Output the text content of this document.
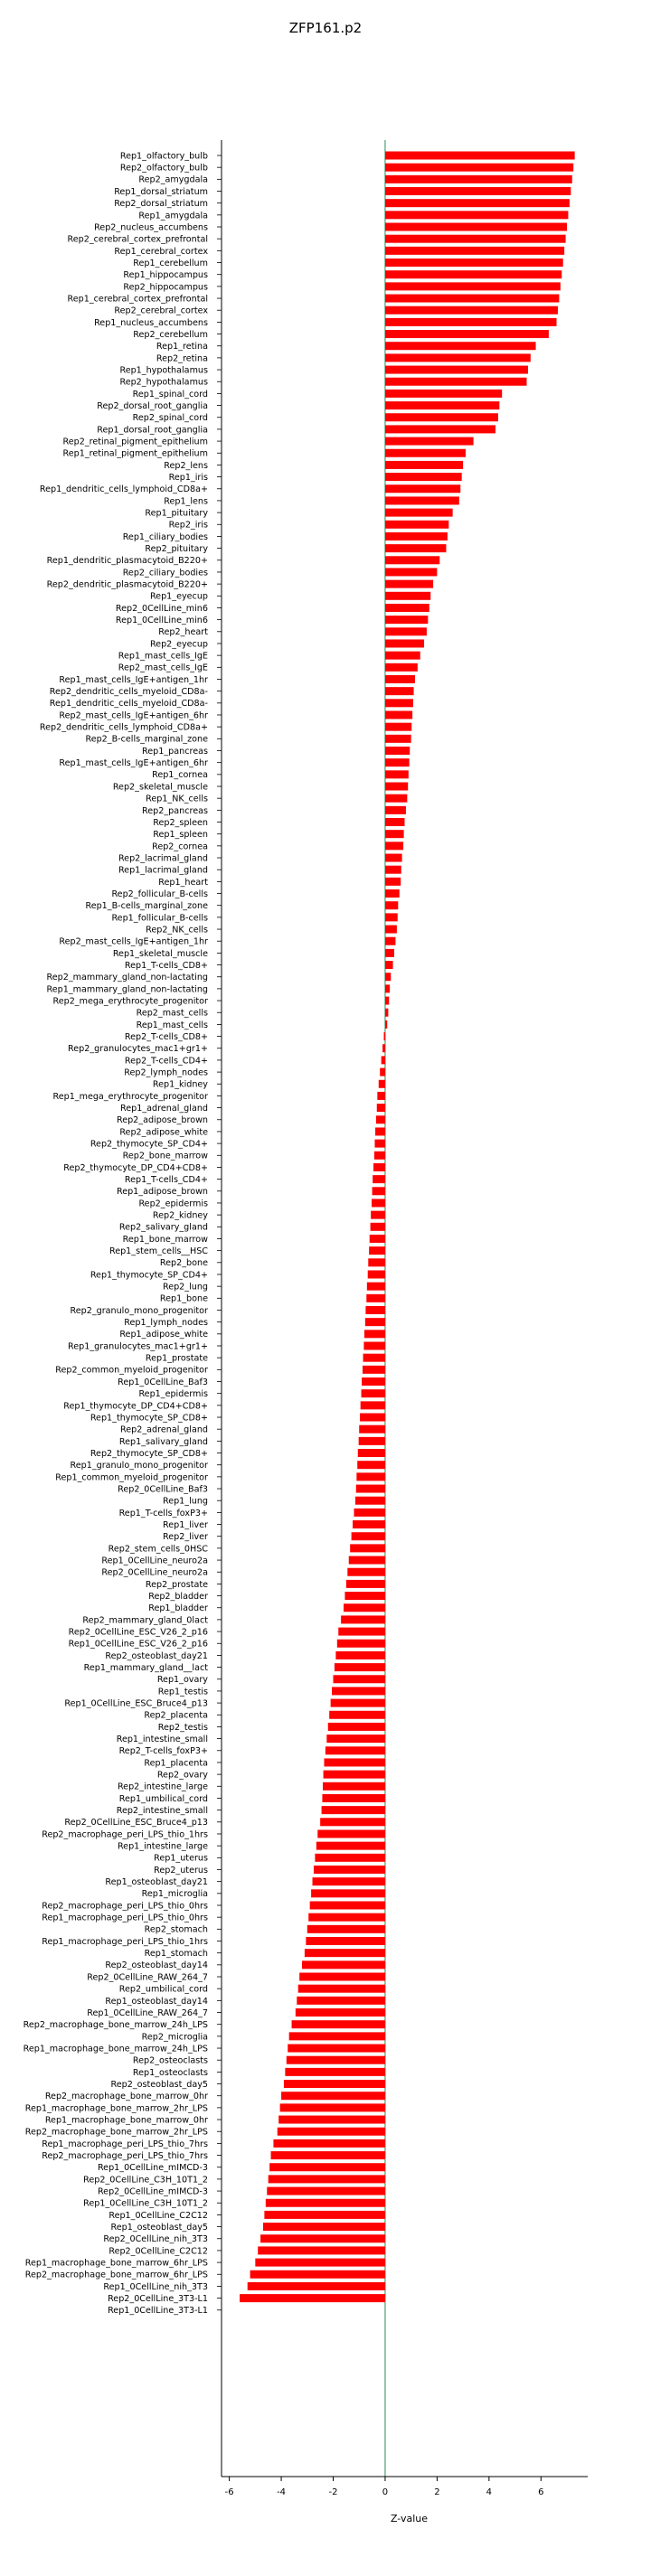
ZFP161.p2
Rep1_olfactory_bulb
Rep2_olfactory_bulb
Rep2_amygdala
Rep1_dorsal_striatum
Rep2_dorsal_striatum
Rep1_amygdala
Rep2_nucleus_accumbens
Rep2_cerebral_cortex_prefrontal
Rep1_cerebral_cortex
Rep1_cerebellum
Rep1_hippocampus
Rep2_hippocampus
Rep1_cerebral_cortex_prefrontal
Rep2_cerebral_cortex
Rep1_nucleus_accumbens
Rep2_cerebellum
Rep1_retina
Rep2_retina
Rep1_hypothalamus
Rep2_hypothalamus
Rep1_spinal_cord
Rep2_dorsal_root_ganglia
Rep2_spinal_cord
Rep1_dorsal_root_ganglia
Rep2_retinal_pigment_epithelium
Rep1_retinal_pigment_epithelium
Rep2_lens
Rep1_iris
Rep1_dendritic_cells_lymphoid_CD8a+
Rep1_lens
Rep1_pituitary
Rep2_iris
Rep1_ciliary_bodies
Rep2_pituitary
Rep1_dendritic_plasmacytoid_B220+
Rep2_ciliary_bodies
Rep2_dendritic_plasmacytoid_B220+
Rep1_eyecup
Rep2_0CellLine_min6
Rep1_0CellLine_min6
Rep2_heart
Rep2_eyecup
Rep1_mast_cells_IgE
Rep2_mast_cells_IgE
Rep1_mast_cells_IgE+antigen_1hr
Rep2_dendritic_cells_myeloid_CD8a-
Rep1_dendritic_cells_myeloid_CD8a-
Rep2_mast_cells_IgE+antigen_6hr
Rep2_dendritic_cells_lymphoid_CD8a+
Rep2_B-cells_marginal_zone
Rep1_pancreas
Rep1_mast_cells_IgE+antigen_6hr
Rep1_cornea
Rep2_skeletal_muscle
Rep1_NK_cells
Rep2_pancreas
Rep2_spleen
Rep1_spleen
Rep2_cornea
Rep2_lacrimal_gland
Rep1_lacrimal_gland
Rep1_heart
Rep2_follicular_B-cells
Rep1_B-cells_marginal_zone
Rep1_follicular_B-cells
Rep2_NK_cells
Rep2_mast_cells_IgE+antigen_1hr
Rep1_skeletal_muscle
Rep1_T-cells_CD8+
Rep2_mammary_gland_non-lactating
Rep1_mammary_gland_non-lactating
Rep2_mega_erythrocyte_progenitor
Rep2_mast_cells
Rep1_mast_cells
Rep2_T-cells_CD8+
Rep2_granulocytes_mac1+gr1+
Rep2_T-cells_CD4+
Rep2_lymph_nodes
Rep1_kidney
Rep1_mega_erythrocyte_progenitor
Rep1_adrenal_gland
Rep2_adipose_brown
Rep2_adipose_white
Rep2_thymocyte_SP_CD4+
Rep2_bone_marrow
Rep2_thymocyte_DP_CD4+CD8+
Rep1_T-cells_CD4+
Rep1_adipose_brown
Rep2_epidermis
Rep2_kidney
Rep2_salivary_gland
Rep1_bone_marrow
Rep1_stem_cells__HSC
Rep2_bone
Rep1_thymocyte_SP_CD4+
Rep2_lung
Rep1_bone
Rep2_granulo_mono_progenitor
Rep1_lymph_nodes
Rep1_adipose_white
Rep1_granulocytes_mac1+gr1+
Rep1_prostate
Rep2_common_myeloid_progenitor
Rep1_0CellLine_Baf3
Rep1_epidermis
Rep1_thymocyte_DP_CD4+CD8+
Rep1_thymocyte_SP_CD8+
Rep2_adrenal_gland
Rep1_salivary_gland
Rep2_thymocyte_SP_CD8+
Rep1_granulo_mono_progenitor
Rep1_common_myeloid_progenitor
Rep2_0CellLine_Baf3
Rep1_lung
Rep1_T-cells_foxP3+
Rep1_liver
Rep2_liver
Rep2_stem_cells_0HSC
Rep1_0CellLine_neuro2a
Rep2_0CellLine_neuro2a
Rep2_prostate
Rep2_bladder
Rep1_bladder
Rep2_mammary_gland_0lact
Rep2_0CellLine_ESC_V26_2_p16
Rep1_0CellLine_ESC_V26_2_p16
Rep2_osteoblast_day21
Rep1_mammary_gland__lact
Rep1_ovary
Rep1_testis
Rep1_0CellLine_ESC_Bruce4_p13
Rep2_placenta
Rep2_testis
Rep1_intestine_small
Rep2_T-cells_foxP3+
Rep1_placenta
Rep2_ovary
Rep2_intestine_large
Rep1_umbilical_cord
Rep2_intestine_small
Rep2_0CellLine_ESC_Bruce4_p13
Rep2_macrophage_peri_LPS_thio_1hrs
Rep1_intestine_large
Rep1_uterus
Rep2_uterus
Rep1_osteoblast_day21
Rep1_microglia
Rep2_macrophage_peri_LPS_thio_0hrs
Rep1_macrophage_peri_LPS_thio_0hrs
Rep2_stomach
Rep1_macrophage_peri_LPS_thio_1hrs
Rep1_stomach
Rep2_osteoblast_day14
Rep2_0CellLine_RAW_264_7
Rep2_umbilical_cord
Rep1_osteoblast_day14
Rep1_0CellLine_RAW_264_7
Rep2_macrophage_bone_marrow_24h_LPS
Rep2_microglia
Rep1_macrophage_bone_marrow_24h_LPS
Rep2_osteoclasts
Rep1_osteoclasts
Rep2_osteoblast_day5
Rep2_macrophage_bone_marrow_0hr
Rep1_macrophage_bone_marrow_2hr_LPS
Rep1_macrophage_bone_marrow_0hr
Rep2_macrophage_bone_marrow_2hr_LPS
Rep1_macrophage_peri_LPS_thio_7hrs
Rep2_macrophage_peri_LPS_thio_7hrs
Rep1_0CellLine_mIMCD-3
Rep2_0CellLine_C3H_10T1_2
Rep2_0CellLine_mIMCD-3
Rep1_0CellLine_C3H_10T1_2
Rep1_0CellLine_C2C12
Rep1_osteoblast_day5
Rep2_0CellLine_nih_3T3
Rep2_0CellLine_C2C12
Rep1_macrophage_bone_marrow_6hr_LPS
Rep2_macrophage_bone_marrow_6hr_LPS
Rep1_0CellLine_nih_3T3
Rep2_0CellLine_3T3-L1
Rep1_0CellLine_3T3-L1
-6	-4	-2	0	2	4	6
Z-value
